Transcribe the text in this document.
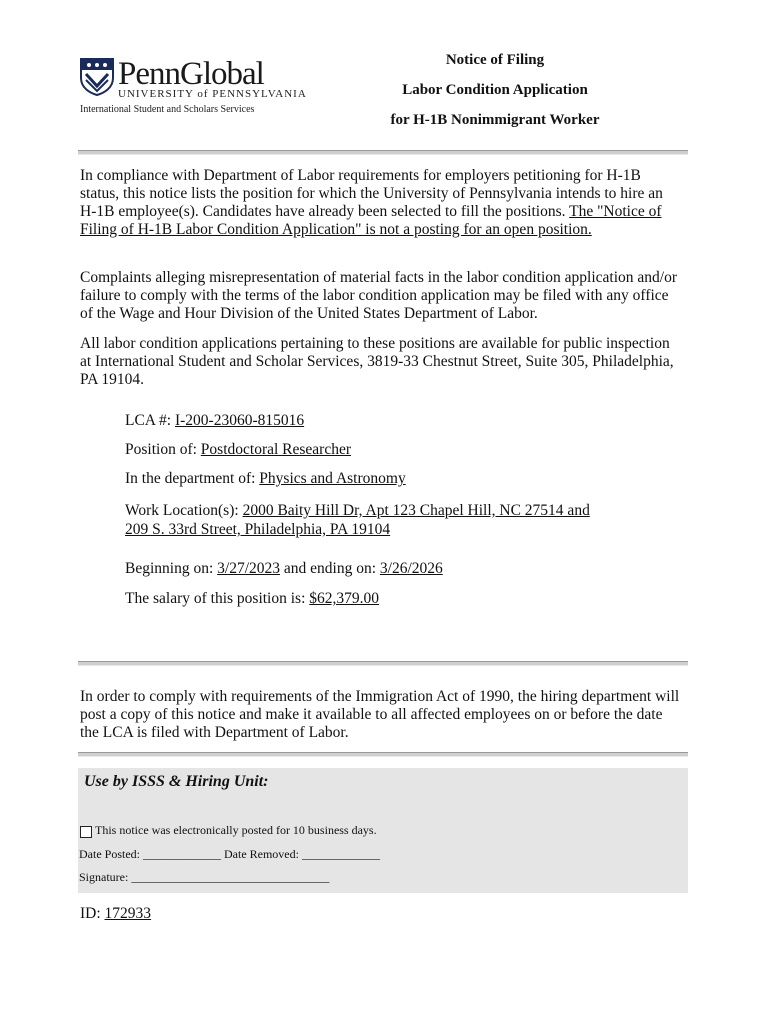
PennGlobal
UNIVERSITY of PENNSYLVANIA
International Student and Scholars Services
Notice of Filing
Labor Condition Application
for H-1B Nonimmigrant Worker
In compliance with Department of Labor requirements for employers petitioning for H-1B status, this notice lists the position for which the University of Pennsylvania intends to hire an H-1B employee(s). Candidates have already been selected to fill the positions. The "Notice of Filing of H-1B Labor Condition Application" is not a posting for an open position.
Complaints alleging misrepresentation of material facts in the labor condition application and/or failure to comply with the terms of the labor condition application may be filed with any office of the Wage and Hour Division of the United States Department of Labor.
All labor condition applications pertaining to these positions are available for public inspection at International Student and Scholar Services, 3819-33 Chestnut Street, Suite 305, Philadelphia, PA 19104.
LCA #: I-200-23060-815016
Position of: Postdoctoral Researcher
In the department of: Physics and Astronomy
Work Location(s): 2000 Baity Hill Dr, Apt 123 Chapel Hill, NC 27514 and
209 S. 33rd Street, Philadelphia, PA 19104
Beginning on: 3/27/2023 and ending on: 3/26/2026
The salary of this position is: $62,379.00
In order to comply with requirements of the Immigration Act of 1990, the hiring department will post a copy of this notice and make it available to all affected employees on or before the date the LCA is filed with Department of Labor.
Use by ISSS & Hiring Unit:
This notice was electronically posted for 10 business days.
Date Posted: _____________ Date Removed: _____________
Signature: _________________________________
ID: 172933
